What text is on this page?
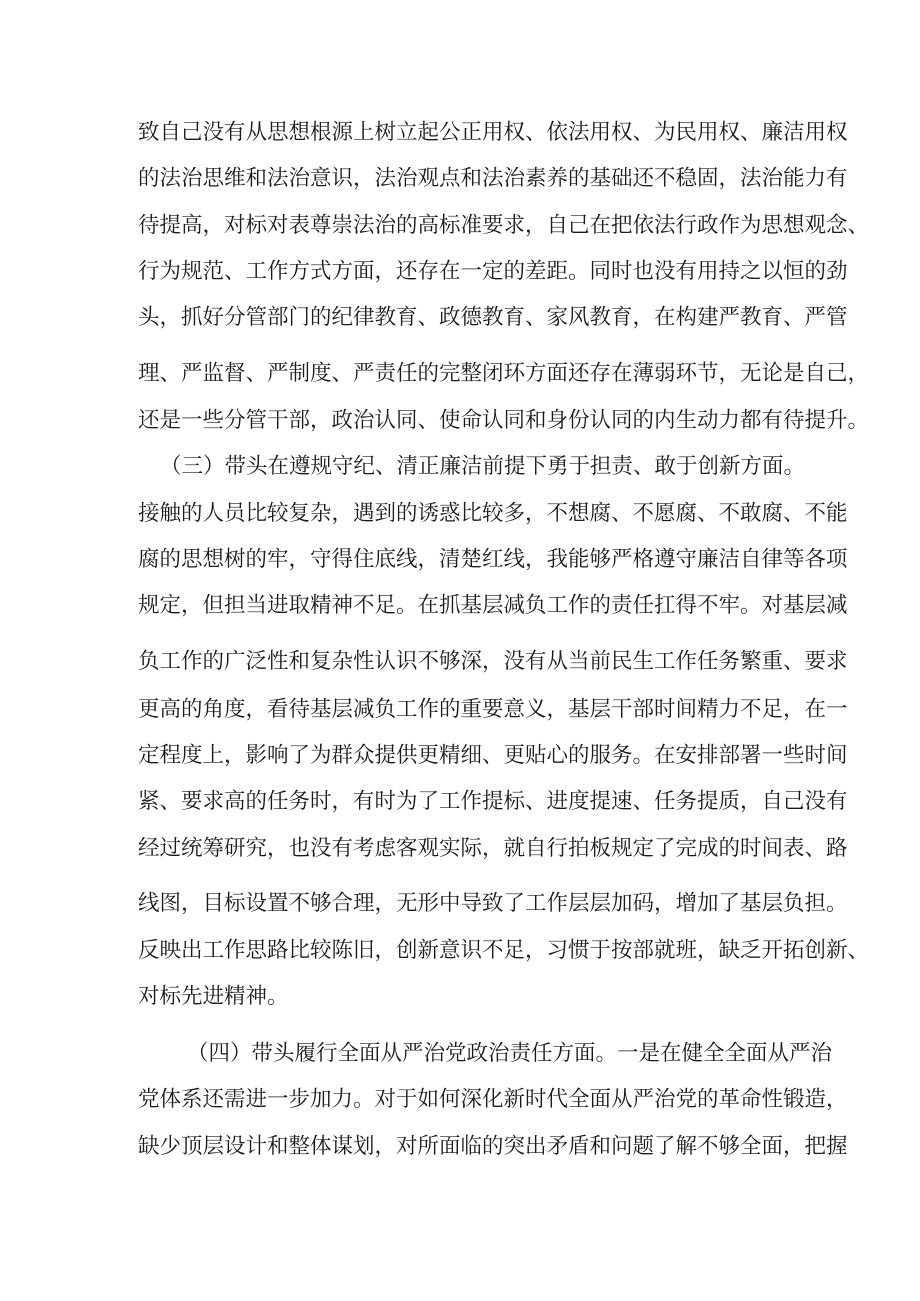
致自己没有从思想根源上树立起公正用权、依法用权、为民用权、廉洁用权
的法治思维和法治意识，法治观点和法治素养的基础还不稳固，法治能力有
待提高，对标对表尊崇法治的高标准要求，自己在把依法行政作为思想观念、
行为规范、工作方式方面，还存在一定的差距。同时也没有用持之以恒的劲
头，抓好分管部门的纪律教育、政德教育、家风教育，在构建严教育、严管
理、严监督、严制度、严责任的完整闭环方面还存在薄弱环节，无论是自己，
还是一些分管干部，政治认同、使命认同和身份认同的内生动力都有待提升。
（三）带头在遵规守纪、清正廉洁前提下勇于担责、敢于创新方面。
接触的人员比较复杂，遇到的诱惑比较多，不想腐、不愿腐、不敢腐、不能
腐的思想树的牢，守得住底线，清楚红线，我能够严格遵守廉洁自律等各项
规定，但担当进取精神不足。在抓基层减负工作的责任扛得不牢。对基层减
负工作的广泛性和复杂性认识不够深，没有从当前民生工作任务繁重、要求
更高的角度，看待基层减负工作的重要意义，基层干部时间精力不足，在一
定程度上，影响了为群众提供更精细、更贴心的服务。在安排部署一些时间
紧、要求高的任务时，有时为了工作提标、进度提速、任务提质，自己没有
经过统筹研究，也没有考虑客观实际，就自行拍板规定了完成的时间表、路
线图，目标设置不够合理，无形中导致了工作层层加码，增加了基层负担。
反映出工作思路比较陈旧，创新意识不足，习惯于按部就班，缺乏开拓创新、
对标先进精神。
（四）带头履行全面从严治党政治责任方面。一是在健全全面从严治
党体系还需进一步加力。对于如何深化新时代全面从严治党的革命性锻造，
缺少顶层设计和整体谋划，对所面临的突出矛盾和问题了解不够全面，把握
